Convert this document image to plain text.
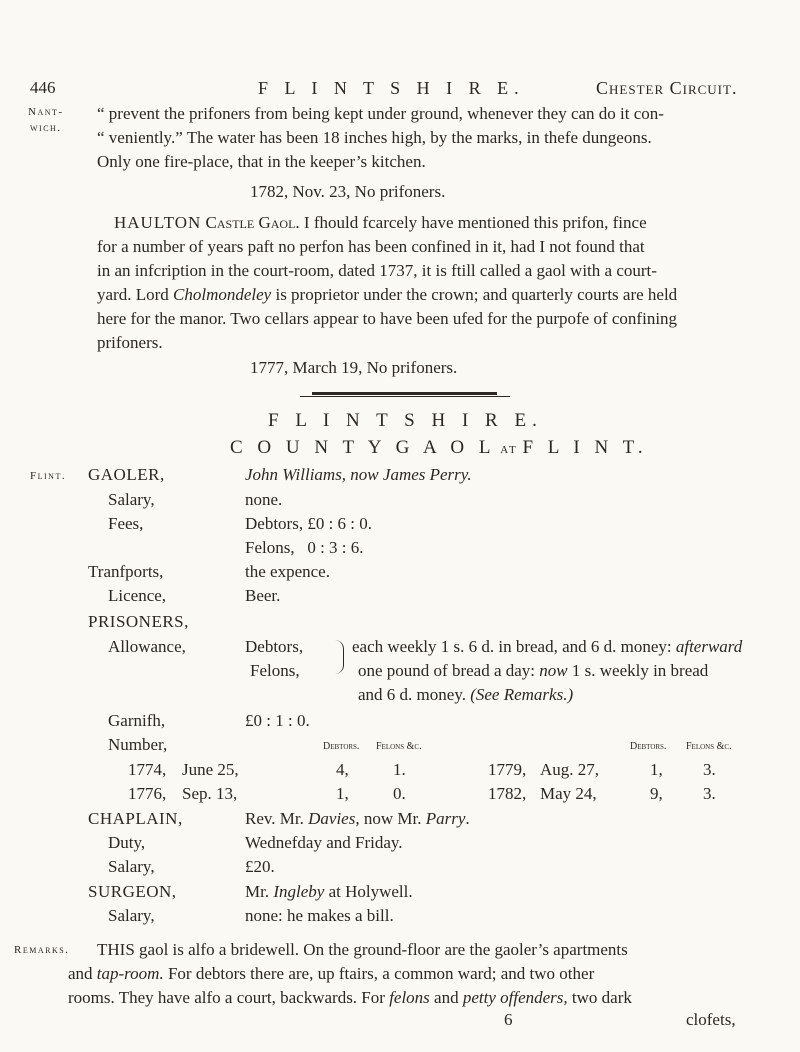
446	F L I N T S H I R E.	Chester Circuit.
Nant-
wich.
“ prevent the prifoners from being kept under ground, whenever they can do it con-
“ veniently.” The water has been 18 inches high, by the marks, in thefe dungeons.
Only one fire-place, that in the keeper’s kitchen.
1782, Nov. 23, No prifoners.
HAULTON Castle Gaol. I fhould fcarcely have mentioned this prifon, fince
for a number of years paft no perfon has been confined in it, had I not found that
in an infcription in the court-room, dated 1737, it is ftill called a gaol with a court-
yard. Lord Cholmondeley is proprietor under the crown; and quarterly courts are held
here for the manor. Two cellars appear to have been ufed for the purpofe of confining
prifoners.
1777, March 19, No prifoners.
F L I N T S H I R E.
C O U N T Y G A O L at F L I N T.
Flint. GAOLER,	John Williams, now James Perry.
Salary,	none.
Fees,	Debtors, £0 : 6 : 0.
Felons,   0 : 3 : 6.
Tranfports,	the expence.
Licence,	Beer.
PRISONERS,
Allowance,	Debtors,
Felons,
each weekly 1 s. 6 d. in bread, and 6 d. money: afterward
one pound of bread a day: now 1 s. weekly in bread
and 6 d. money. (See Remarks.)
Garnifh,	£0 : 1 : 0.
Number,	Debtors. Felons &c.	Debtors. Felons &c.
1774, June 25,	4,	1.	1779, Aug. 27,	1, 3.
1776, Sep. 13,	1,	0.	1782, May 24,	9, 3.
CHAPLAIN,	Rev. Mr. Davies, now Mr. Parry.
Duty,	Wednefday and Friday.
Salary,	£20.
SURGEON,	Mr. Ingleby at Holywell.
Salary,	none: he makes a bill.
Remarks. THIS gaol is alfo a bridewell. On the ground-floor are the gaoler’s apartments
and tap-room. For debtors there are, up ftairs, a common ward; and two other
rooms. They have alfo a court, backwards. For felons and petty offenders, two dark
6	clofets,
